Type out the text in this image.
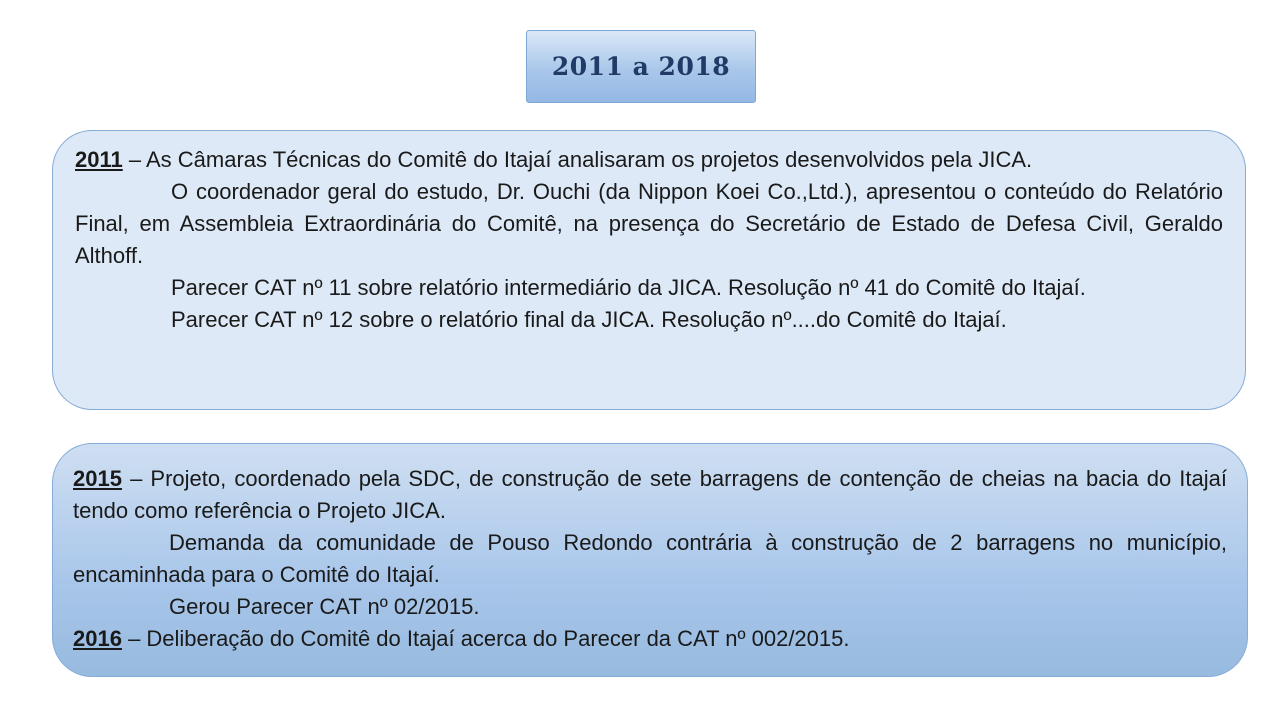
2011 a 2018

2011 – As Câmaras Técnicas do Comitê do Itajaí analisaram os projetos desenvolvidos pela JICA.

O coordenador geral do estudo, Dr. Ouchi (da Nippon Koei Co.,Ltd.), apresentou o conteúdo do Relatório Final, em Assembleia Extraordinária do Comitê, na presença do Secretário de Estado de Defesa Civil, Geraldo Althoff.

Parecer CAT nº 11 sobre relatório intermediário da JICA. Resolução nº 41 do Comitê do Itajaí.

Parecer CAT nº 12 sobre o relatório final da JICA. Resolução nº....do Comitê do Itajaí.

2015 – Projeto, coordenado pela SDC, de construção de sete barragens de contenção de cheias na bacia do Itajaí tendo como referência o Projeto JICA.

Demanda da comunidade de Pouso Redondo contrária à construção de 2 barragens no município, encaminhada para o Comitê do Itajaí.

Gerou Parecer CAT nº 02/2015.

2016 – Deliberação do Comitê do Itajaí acerca do Parecer da CAT nº 002/2015.
